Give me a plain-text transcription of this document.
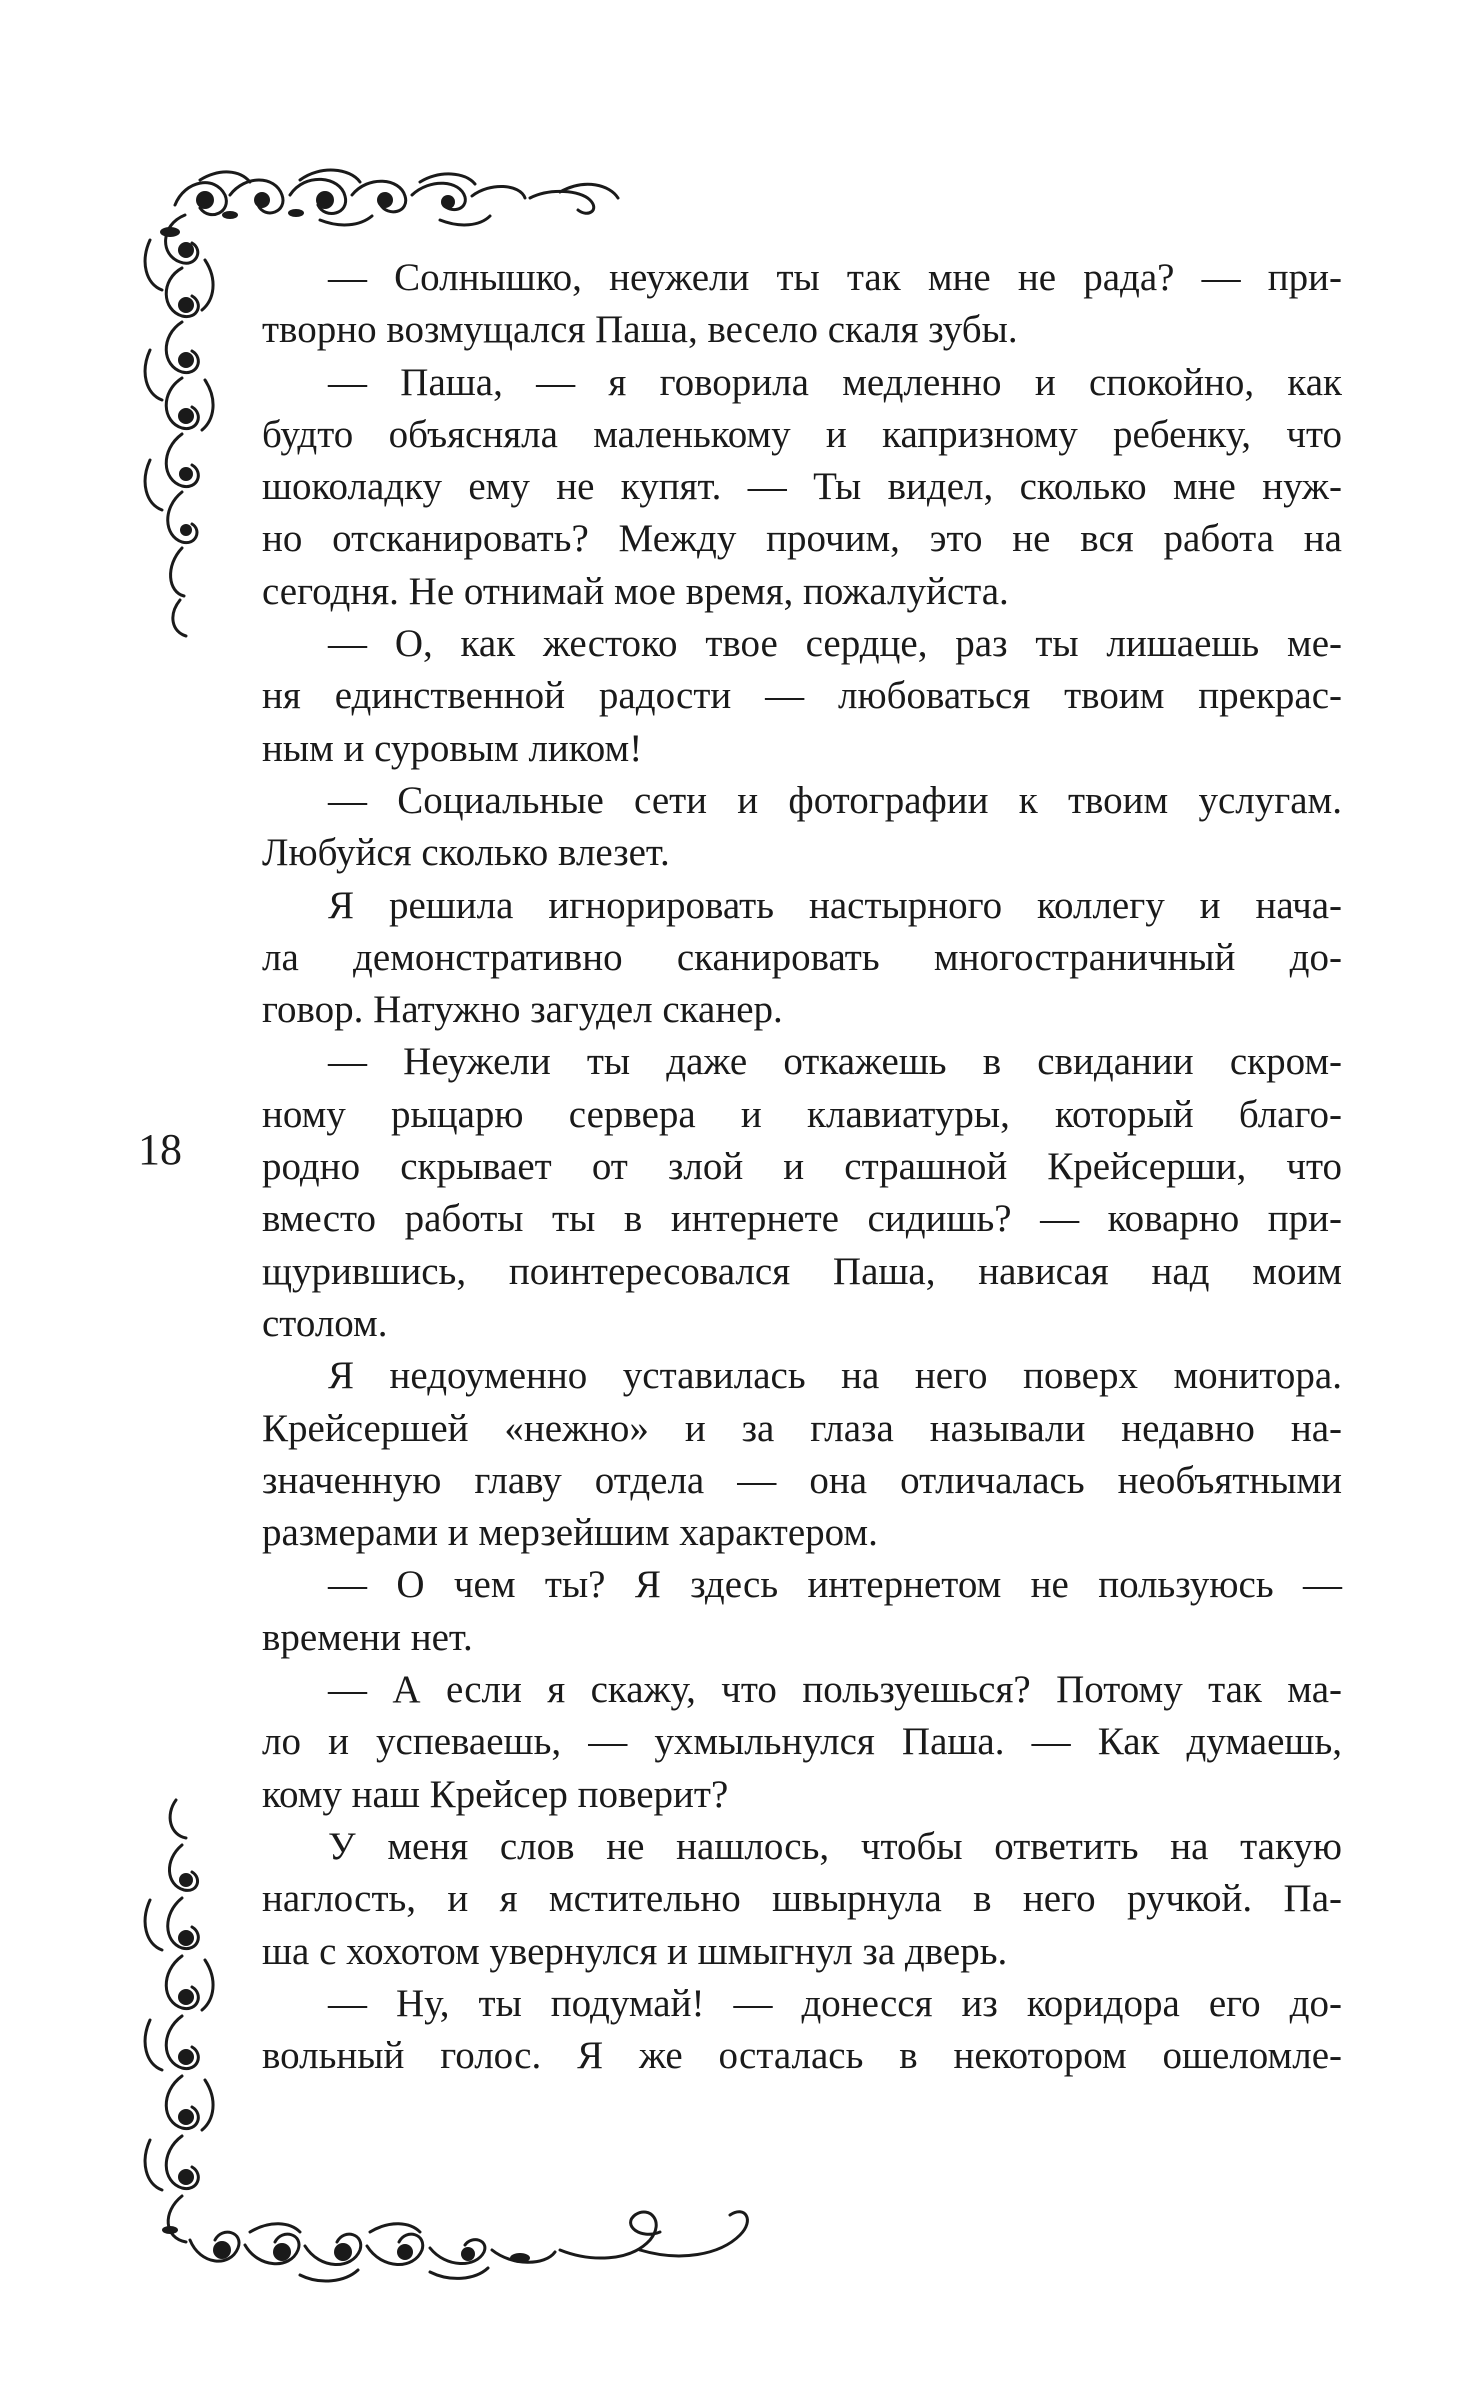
18
— Солнышко, неужели ты так мне не рада? — при-
творно возмущался Паша, весело скаля зубы.
— Паша, — я говорила медленно и спокойно, как
будто объясняла маленькому и капризному ребенку, что
шоколадку ему не купят. — Ты видел, сколько мне нуж-
но отсканировать? Между прочим, это не вся работа на
сегодня. Не отнимай мое время, пожалуйста.
— О, как жестоко твое сердце, раз ты лишаешь ме-
ня единственной радости — любоваться твоим прекрас-
ным и суровым ликом!
— Социальные сети и фотографии к твоим услугам.
Любуйся сколько влезет.
Я решила игнорировать настырного коллегу и нача-
ла демонстративно сканировать многостраничный до-
говор. Натужно загудел сканер.
— Неужели ты даже откажешь в свидании скром-
ному рыцарю сервера и клавиатуры, который благо-
родно скрывает от злой и страшной Крейсерши, что
вместо работы ты в интернете сидишь? — коварно при-
щурившись, поинтересовался Паша, нависая над моим
столом.
Я недоуменно уставилась на него поверх монитора.
Крейсершей «нежно» и за глаза называли недавно на-
значенную главу отдела — она отличалась необъятными
размерами и мерзейшим характером.
— О чем ты? Я здесь интернетом не пользуюсь —
времени нет.
— А если я скажу, что пользуешься? Потому так ма-
ло и успеваешь, — ухмыльнулся Паша. — Как думаешь,
кому наш Крейсер поверит?
У меня слов не нашлось, чтобы ответить на такую
наглость, и я мстительно швырнула в него ручкой. Па-
ша с хохотом увернулся и шмыгнул за дверь.
— Ну, ты подумай! — донесся из коридора его до-
вольный голос. Я же осталась в некотором ошеломле-
